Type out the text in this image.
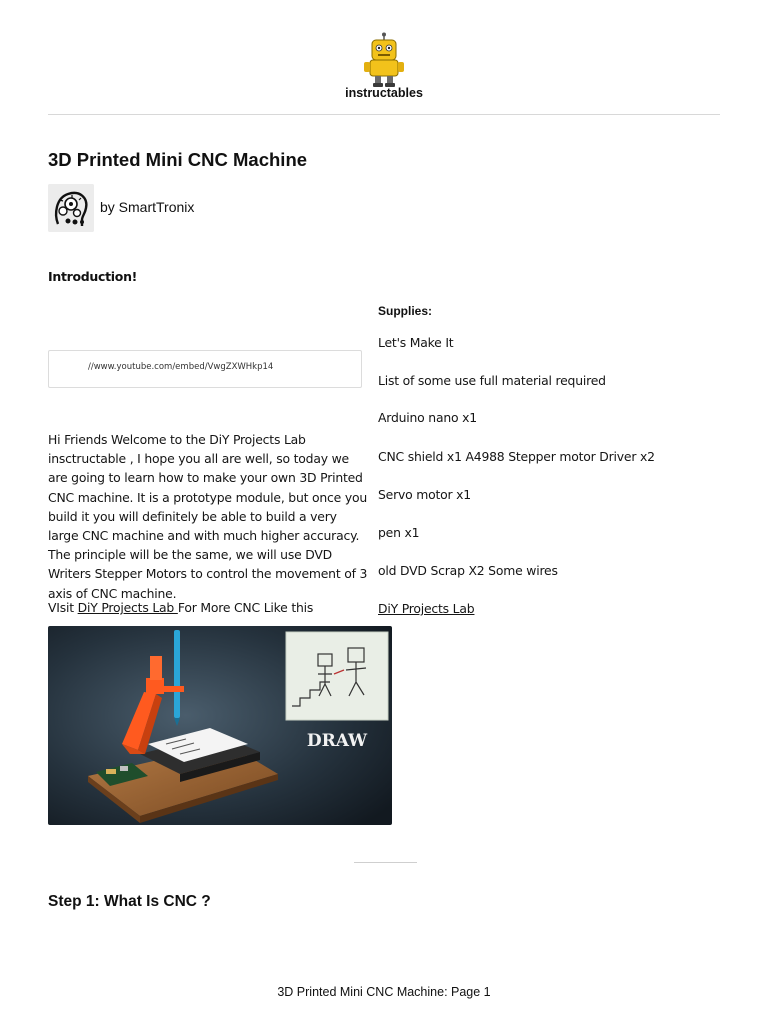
instructables
3D Printed Mini CNC Machine
by SmartTronix
Introduction!
//www.youtube.com/embed/VwgZXWHkp14
Hi Friends Welcome to the DiY Projects Lab insctructable , I hope you all are well, so today we are going to learn how to make your own 3D Printed CNC machine. It is a prototype module, but once you build it you will definitely be able to build a very large CNC machine and with much higher accuracy. The principle will be the same, we will use DVD Writers Stepper Motors to control the movement of 3 axis of CNC machine.
VIsit DiY Projects Lab For More CNC Like this
DRAW
Supplies:
Let's Make It
List of some use full material required
Arduino nano x1
CNC shield x1 A4988 Stepper motor Driver x2
Servo motor x1
pen x1
old DVD Scrap X2 Some wires
DiY Projects Lab
Step 1: What Is CNC ?
3D Printed Mini CNC Machine: Page 1
